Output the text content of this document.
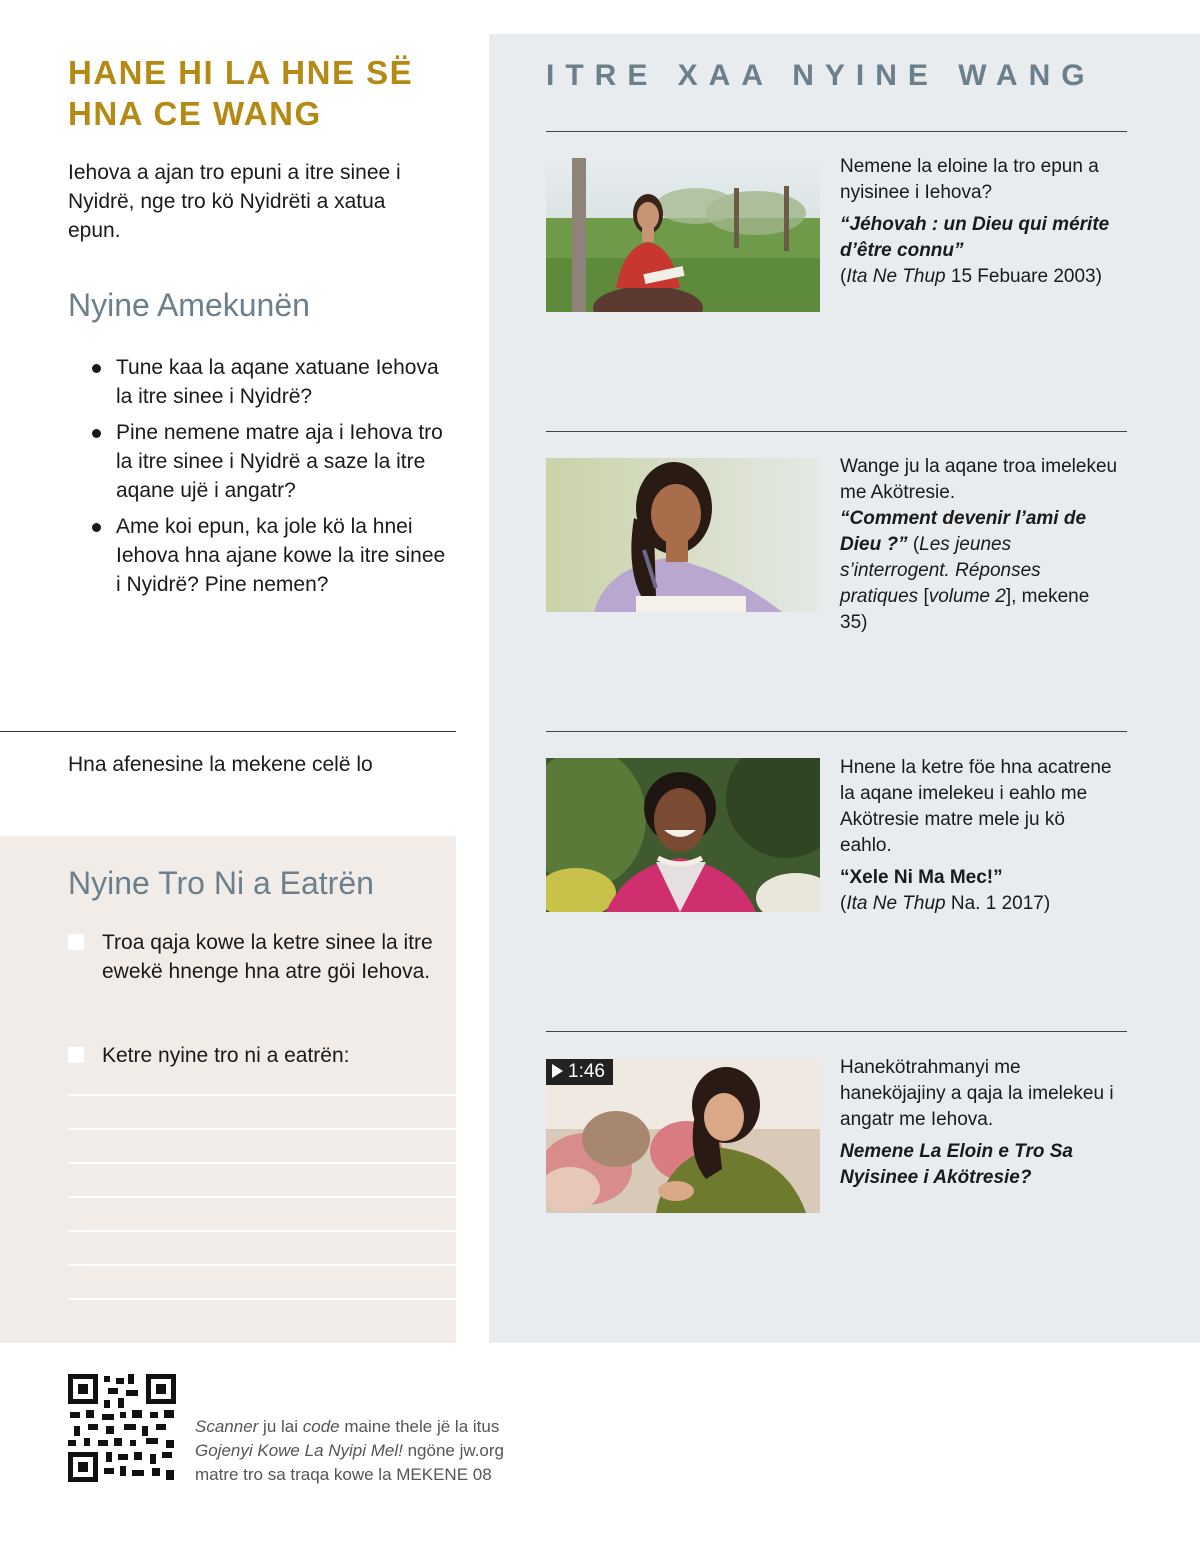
HANE HI LA HNE SË
HNA CE WANG

Iehova a ajan tro epuni a itre sinee i Nyidrë, nge tro kö Nyidrëti a xatua epun.

Nyine Amekunën
Tune kaa la aqane xatuane Iehova la itre sinee i Nyidrë?
Pine nemene matre aja i Iehova tro la itre sinee i Nyidrë a saze la itre aqane ujë i angatr?
Ame koi epun, ka jole kö la hnei Iehova hna ajane kowe la itre sinee i Nyidrë? Pine nemen?
Hna afenesine la mekene celë lo
Nyine Tro Ni a Eatrën
Troa qaja kowe la ketre sinee la itre ewekë hnenge hna atre göi Iehova.
Ketre nyine tro ni a eatrën:
ITRE XAA NYINE WANG

Nemene la eloine la tro epun a nyisinee i Iehova?

“Jéhovah : un Dieu qui mérite d’être connu”

(Ita Ne Thup 15 Febuare 2003)

Wange ju la aqane troa imelekeu me Akötresie.

“Comment devenir l’ami de Dieu ?”

(Les jeunes s’interrogent. Réponses pratiques [volume 2], mekene 35)

Hnene la ketre föe hna acatrene la aqane imelekeu i eahlo me Akötresie matre mele ju kö eahlo.

“Xele Ni Ma Mec!”

(Ita Ne Thup Na. 1 2017)

1:46	Hanekötrahmanyi me haneköjajiny a qaja la imelekeu i angatr me Iehova.

Nemene La Eloin e Tro Sa Nyisinee i Akötresie?

Scanner ju lai code maine thele jë la itus
Gojenyi Kowe La Nyipi Mel! ngöne jw.org
matre tro sa traqa kowe la MEKENE 08
